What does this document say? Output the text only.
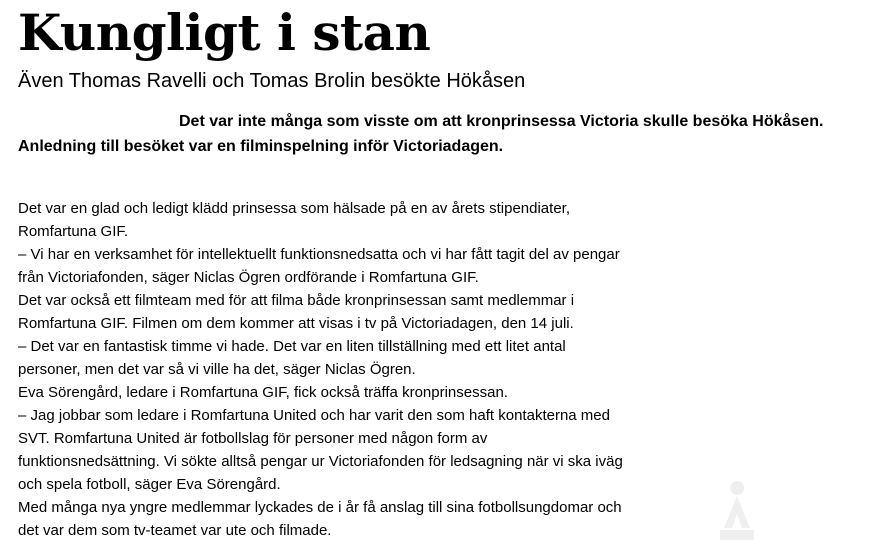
Kungligt i stan

Även Thomas Ravelli och Tomas Brolin besökte Hökåsen

Det var inte många som visste om att kronprinsessa Victoria skulle besöka Hökåsen.
Anledning till besöket var en filminspelning inför Victoriadagen.

Det var en glad och ledigt klädd prinsessa som hälsade på en av årets stipendiater,
Romfartuna GIF.
– Vi har en verksamhet för intellektuellt funktionsnedsatta och vi har fått tagit del av pengar
från Victoriafonden, säger Niclas Ögren ordförande i Romfartuna GIF.
Det var också ett filmteam med för att filma både kronprinsessan samt medlemmar i
Romfartuna GIF. Filmen om dem kommer att visas i tv på Victoriadagen, den 14 juli.
– Det var en fantastisk timme vi hade. Det var en liten tillställning med ett litet antal
personer, men det var så vi ville ha det, säger Niclas Ögren.
Eva Sörengård, ledare i Romfartuna GIF, fick också träffa kronprinsessan.
– Jag jobbar som ledare i Romfartuna United och har varit den som haft kontakterna med
SVT. Romfartuna United är fotbollslag för personer med någon form av
funktionsnedsättning. Vi sökte alltså pengar ur Victoriafonden för ledsagning när vi ska iväg
och spela fotboll, säger Eva Sörengård.
Med många nya yngre medlemmar lyckades de i år få anslag till sina fotbollsungdomar och
det var dem som tv-teamet var ute och filmade.
